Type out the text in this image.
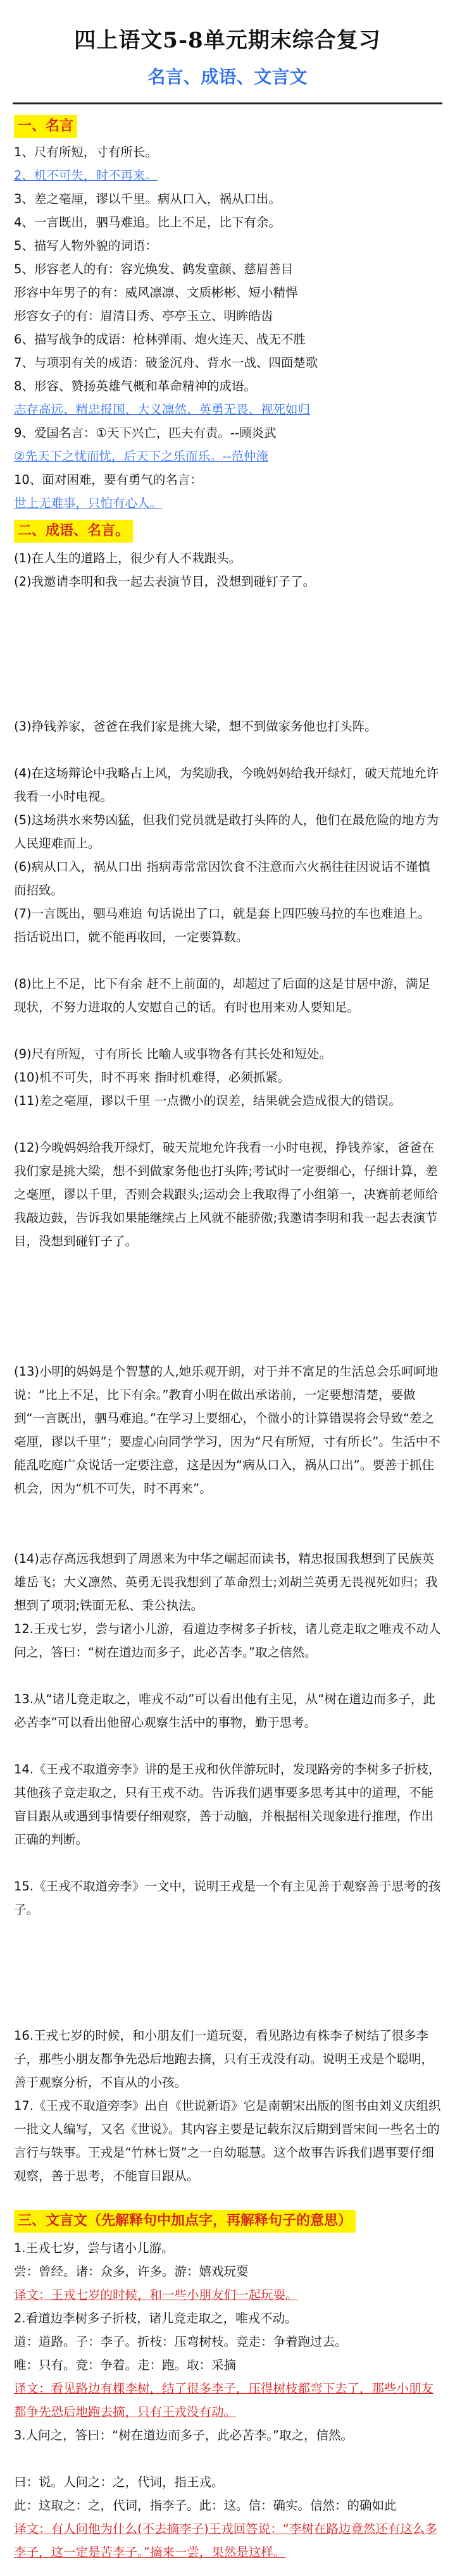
四上语文5-8单元期末综合复习
名言、成语、文言文
一、名言
1、尺有所短，寸有所长。
2、机不可失，时不再来。
3、差之毫厘，谬以千里。病从口入，祸从口出。
4、一言既出，驷马难追。比上不足，比下有余。
5、描写人物外貌的词语：
5、形容老人的有：容光焕发、鹤发童颜、慈眉善目
形容中年男子的有：威风凛凛、文质彬彬、短小精悍
形容女子的有：眉清目秀、亭亭玉立、明眸皓齿
6、描写战争的成语：枪林弹雨、炮火连天、战无不胜
7、与项羽有关的成语：破釜沉舟、背水一战、四面楚歌
8、形容、赞扬英雄气概和革命精神的成语。
志存高远、精忠报国、大义凛然、英勇无畏、视死如归
9、爱国名言：①天下兴亡，匹夫有责。--顾炎武
②先天下之忧而忧，后天下之乐而乐。--范仲淹
10、面对困难，要有勇气的名言：
世上无难事，只怕有心人。
二、成语、名言。
(1)在人生的道路上，很少有人不栽跟头。
(2)我邀请李明和我一起去表演节目，没想到碰钉子了。
(3)挣钱养家，爸爸在我们家是挑大梁，想不到做家务他也打头阵。
(4)在这场辩论中我略占上风，为奖励我，今晚妈妈给我开绿灯，破天荒地允许我看一小时电视。
(5)这场洪水来势凶猛，但我们党员就是敢打头阵的人，他们在最危险的地方为人民迎难而上。
(6)病从口入，祸从口出 指病毒常常因饮食不注意而六火祸往往因说话不谨慎而招致。
(7)一言既出，驷马难追 句话说出了口，就是套上四匹骏马拉的车也难追上。指话说出口，就不能再收回，一定要算数。
(8)比上不足，比下有余 赶不上前面的，却超过了后面的这是甘居中游，满足现状，不努力进取的人安慰自己的话。有时也用来劝人要知足。
(9)尺有所短，寸有所长 比喻人或事物各有其长处和短处。
(10)机不可失，时不再来 指时机难得，必须抓紧。
(11)差之毫厘，谬以千里 一点微小的误差，结果就会造成很大的错误。
(12)今晚妈妈给我开绿灯，破天荒地允许我看一小时电视，挣钱养家，爸爸在我们家是挑大梁，想不到做家务他也打头阵;考试时一定要细心，仔细计算，差之毫厘，谬以千里，否则会栽跟头;运动会上我取得了小组第一，决赛前老师给我敲边鼓，告诉我如果能继续占上风就不能骄傲;我邀请李明和我一起去表演节目，没想到碰钉子了。
(13)小明的妈妈是个智慧的人,她乐观开朗，对于并不富足的生活总会乐呵呵地说：“比上不足，比下有余。”教育小明在做出承诺前，一定要想清楚，要做到“一言既出，驷马难追。”在学习上要细心，个微小的计算错误将会导致“差之毫厘，谬以千里”；要虚心向同学学习，因为“尺有所短，寸有所长”。生活中不能乱吃庭广众说话一定要注意，这是因为“病从口入，祸从口出”。要善于抓住机会，因为“机不可失，时不再来”。
(14)志存高远我想到了周恩来为中华之崛起而读书，精忠报国我想到了民族英雄岳飞；大义凛然、英勇无畏我想到了革命烈士;刘胡兰英勇无畏视死如归；我想到了项羽;铁面无私、秉公执法。
12.王戎七岁，尝与诸小儿游，看道边李树多子折枝，诸儿竞走取之唯戎不动人问之，答曰：“树在道边而多子，此必苦李。”取之信然。
13.从“诸儿竞走取之，唯戎不动”可以看出他有主见，从“树在道边而多子，此必苦李”可以看出他留心观察生活中的事物，勤于思考。
14.《王戎不取道旁李》讲的是王戎和伙伴游玩时，发现路旁的李树多子折枝，其他孩子竞走取之，只有王戎不动。告诉我们遇事要多思考其中的道理，不能盲目跟从或遇到事情要仔细观察，善于动脑，并根据相关现象进行推理，作出正确的判断。
15.《王戎不取道旁李》一文中，说明王戎是一个有主见善于观察善于思考的孩子。
16.王戎七岁的时候，和小朋友们一道玩耍，看见路边有株李子树结了很多李子，那些小朋友都争先恐后地跑去摘，只有王戎没有动。说明王戎是个聪明，善于观察分析，不盲从的小孩。
17.《王戎不取道旁李》出自《世说新语》它是南朝宋出版的图书由刘义庆组织一批文人编写，又名《世说》。其内容主要是记载东汉后期到晋宋间一些名士的言行与轶事。王戎是“竹林七贤”之一自幼聪慧。这个故事告诉我们遇事要仔细观察，善于思考，不能盲目跟从。
三、文言文（先解释句中加点字，再解释句子的意思）
1.王戎七岁，尝与诸小儿游。
尝：曾经。诸：众多，许多。游：嬉戏玩耍
译文：王戎七岁的时候，和一些小朋友们一起玩耍。
2.看道边李树多子折枝，诸儿竞走取之，唯戎不动。
道：道路。子：李子。折枝：压弯树枝。竞走：争着跑过去。
唯：只有。竞：争着。走：跑。取：采摘
译文：看见路边有棵李树，结了很多李子，压得树枝都弯下去了，那些小朋友都争先恐后地跑去摘，只有王戎没有动。
3.人问之，答曰：“树在道边而多子，此必苦李。”取之，信然。
曰：说。人问之：之，代词，指王戎。
此：这取之：之，代词，指李子。此：这。信：确实。信然：的确如此
译文：有人问他为什么(不去摘李子)王戎回答说：“李树在路边竟然还有这么多李子，这一定是苦李子。”摘来一尝，果然是这样。
